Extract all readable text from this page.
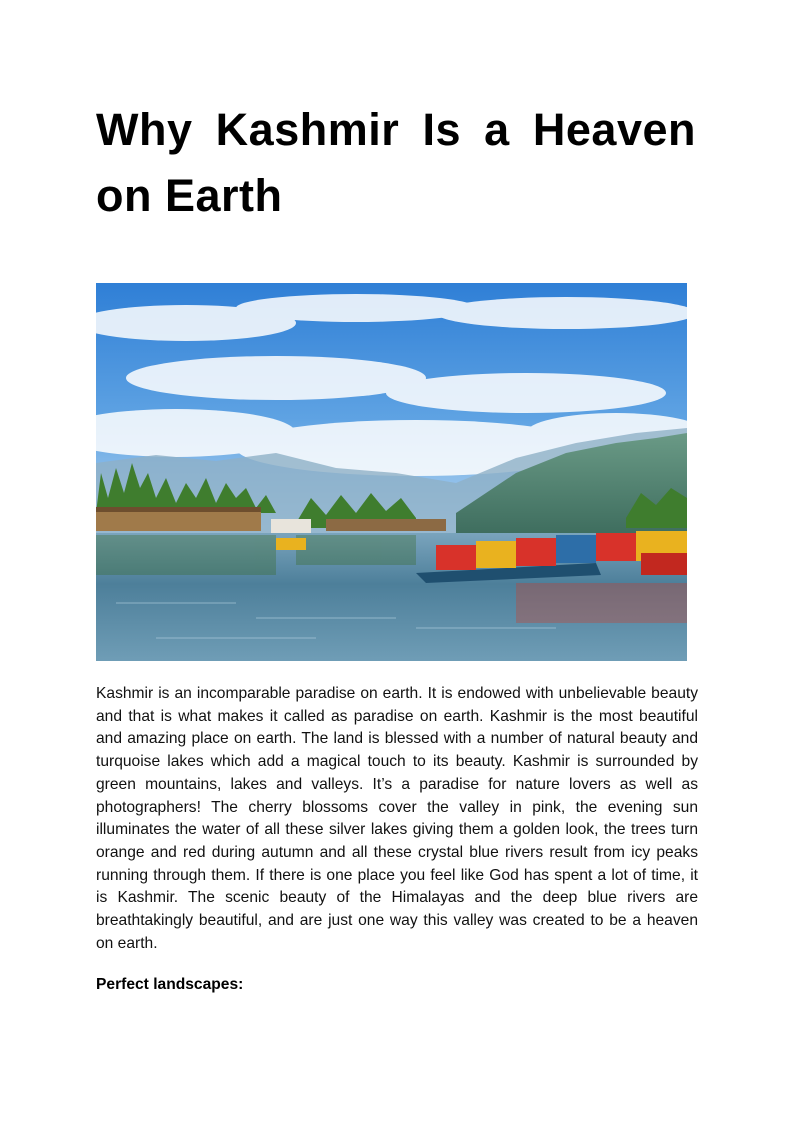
Why Kashmir Is a Heaven on Earth

Kashmir is an incomparable paradise on earth. It is endowed with unbelievable beauty and that is what makes it called as paradise on earth. Kashmir is the most beautiful and amazing place on earth. The land is blessed with a number of natural beauty and turquoise lakes which add a magical touch to its beauty. Kashmir is surrounded by green mountains, lakes and valleys. It’s a paradise for nature lovers as well as photographers! The cherry blossoms cover the valley in pink, the evening sun illuminates the water of all these silver lakes giving them a golden look, the trees turn orange and red during autumn and all these crystal blue rivers result from icy peaks running through them. If there is one place you feel like God has spent a lot of time, it is Kashmir. The scenic beauty of the Himalayas and the deep blue rivers are breathtakingly beautiful, and are just one way this valley was created to be a heaven on earth.

Perfect landscapes:
